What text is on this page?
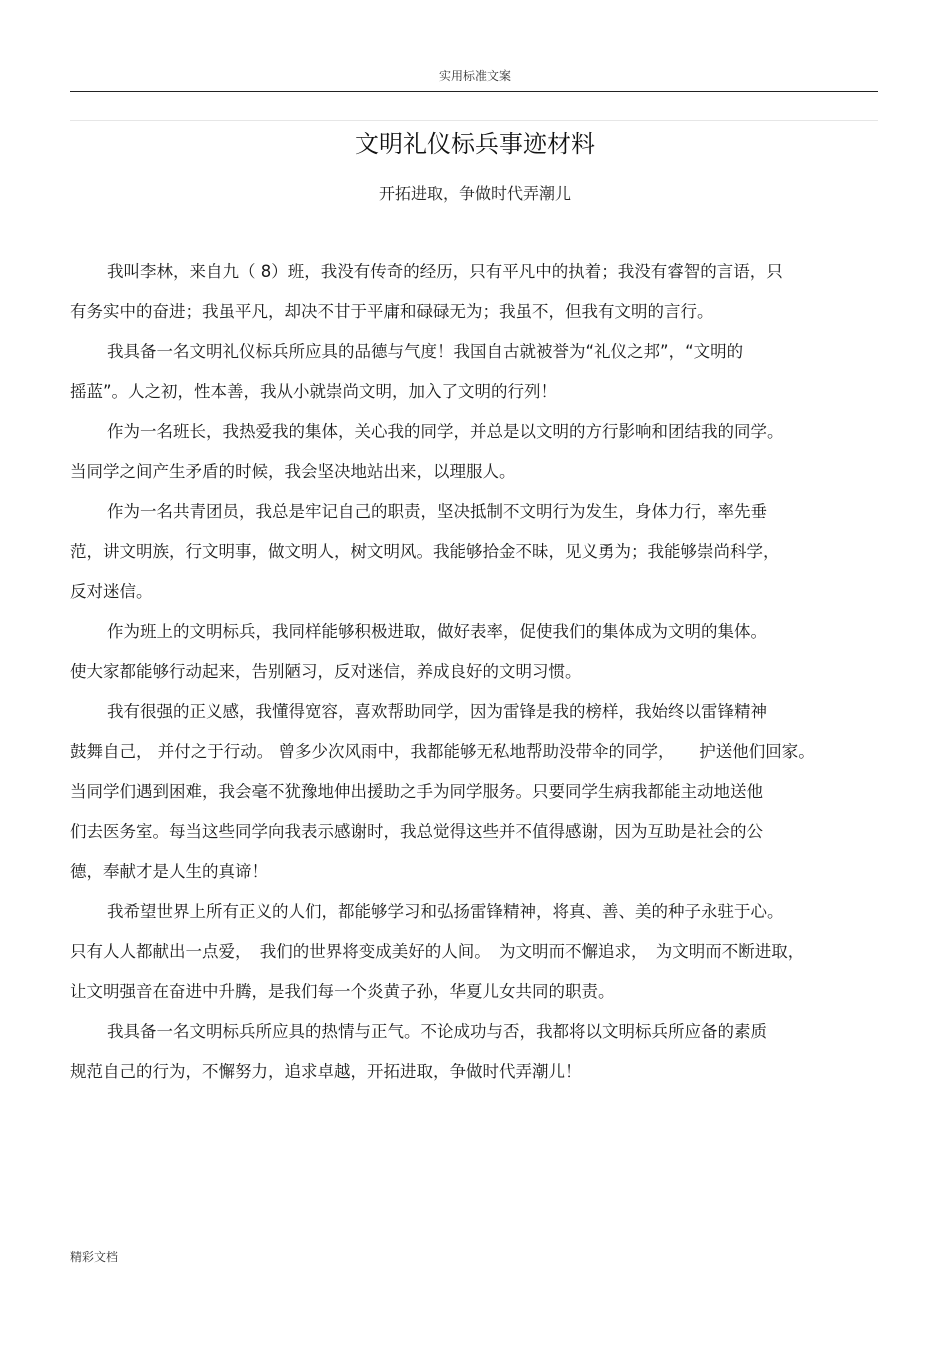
实用标准文案
文明礼仪标兵事迹材料
开拓进取，争做时代弄潮儿
我叫李林，来自九（ 8）班，我没有传奇的经历，只有平凡中的执着；我没有睿智的言语，只
有务实中的奋进；我虽平凡，却决不甘于平庸和碌碌无为；我虽不，但我有文明的言行。
我具备一名文明礼仪标兵所应具的品德与气度！我国自古就被誉为“礼仪之邦”，“文明的
摇蓝”。人之初，性本善，我从小就崇尚文明，加入了文明的行列！
作为一名班长，我热爱我的集体，关心我的同学，并总是以文明的方行影响和团结我的同学。
当同学之间产生矛盾的时候，我会坚决地站出来，以理服人。
作为一名共青团员，我总是牢记自己的职责，坚决抵制不文明行为发生，身体力行，率先垂
范，讲文明族，行文明事，做文明人，树文明风。我能够拾金不昧，见义勇为；我能够崇尚科学，
反对迷信。
作为班上的文明标兵，我同样能够积极进取，做好表率，促使我们的集体成为文明的集体。
使大家都能够行动起来，告别陋习，反对迷信，养成良好的文明习惯。
我有很强的正义感，我懂得宽容，喜欢帮助同学，因为雷锋是我的榜样，我始终以雷锋精神
鼓舞自己， 并付之于行动。 曾多少次风雨中，我都能够无私地帮助没带伞的同学，　　护送他们回家。
当同学们遇到困难，我会毫不犹豫地伸出援助之手为同学服务。只要同学生病我都能主动地送他
们去医务室。每当这些同学向我表示感谢时，我总觉得这些并不值得感谢，因为互助是社会的公
德，奉献才是人生的真谛！
我希望世界上所有正义的人们，都能够学习和弘扬雷锋精神，将真、善、美的种子永驻于心。
只有人人都献出一点爱，　我们的世界将变成美好的人间。　为文明而不懈追求，　为文明而不断进取，
让文明强音在奋进中升腾，是我们每一个炎黄子孙，华夏儿女共同的职责。
我具备一名文明标兵所应具的热情与正气。不论成功与否，我都将以文明标兵所应备的素质
规范自己的行为，不懈努力，追求卓越，开拓进取，争做时代弄潮儿！
精彩文档
